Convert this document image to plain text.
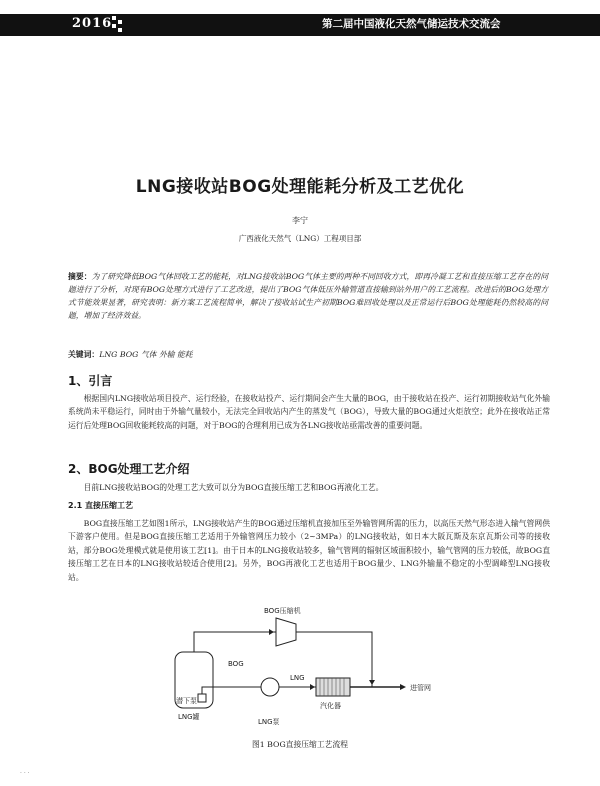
2016	第二届中国液化天然气储运技术交流会
LNG接收站BOG处理能耗分析及工艺优化
李宁
广西液化天然气（LNG）工程项目部
摘要：为了研究降低BOG气体回收工艺的能耗，对LNG接收站BOG气体主要的两种不同回收方式，即再冷凝工艺和直接压缩工艺存在的问题进行了分析，对现有BOG处理方式进行了工艺改进，提出了BOG气体低压外输管道直接输到站外用户的工艺流程。改进后的BOG处理方式节能效果显著，研究表明：新方案工艺流程简单，解决了接收站试生产初期BOG难回收处理以及正常运行后BOG处理能耗仍然较高的问题，增加了经济效益。
关键词：LNG BOG 气体 外输 能耗
1、引言
根据国内LNG接收站项目投产、运行经验，在接收站投产、运行期间会产生大量的BOG，由于接收站在投产、运行初期接收站气化外输系统尚未平稳运行，同时由于外输气量较小，无法完全回收站内产生的蒸发气（BOG），导致大量的BOG通过火炬放空；此外在接收站正常运行后处理BOG回收能耗较高的问题，对于BOG的合理利用已成为各LNG接收站亟需改善的重要问题。
2、BOG处理工艺介绍
目前LNG接收站BOG的处理工艺大致可以分为BOG直接压缩工艺和BOG再液化工艺。
2.1 直接压缩工艺
BOG直接压缩工艺如图1所示，LNG接收站产生的BOG通过压缩机直接加压至外输管网所需的压力，以高压天然气形态进入输气管网供下游客户使用。但是BOG直接压缩工艺适用于外输管网压力较小（2~3MPa）的LNG接收站，如日本大阪瓦斯及东京瓦斯公司等的接收站，部分BOG处理模式就是使用该工艺[1]。由于日本的LNG接收站较多，输气管网的辐射区域面积较小，输气管网的压力较低，故BOG直接压缩工艺在日本的LNG接收站较适合使用[2]。另外，BOG再液化工艺也适用于BOG量少、LNG外输量不稳定的小型调峰型LNG接收站。
BOG压缩机
BOG
LNG
潜下泵
LNG罐
LNG泵
汽化器
进管网
图1 BOG直接压缩工艺流程
· · ·
